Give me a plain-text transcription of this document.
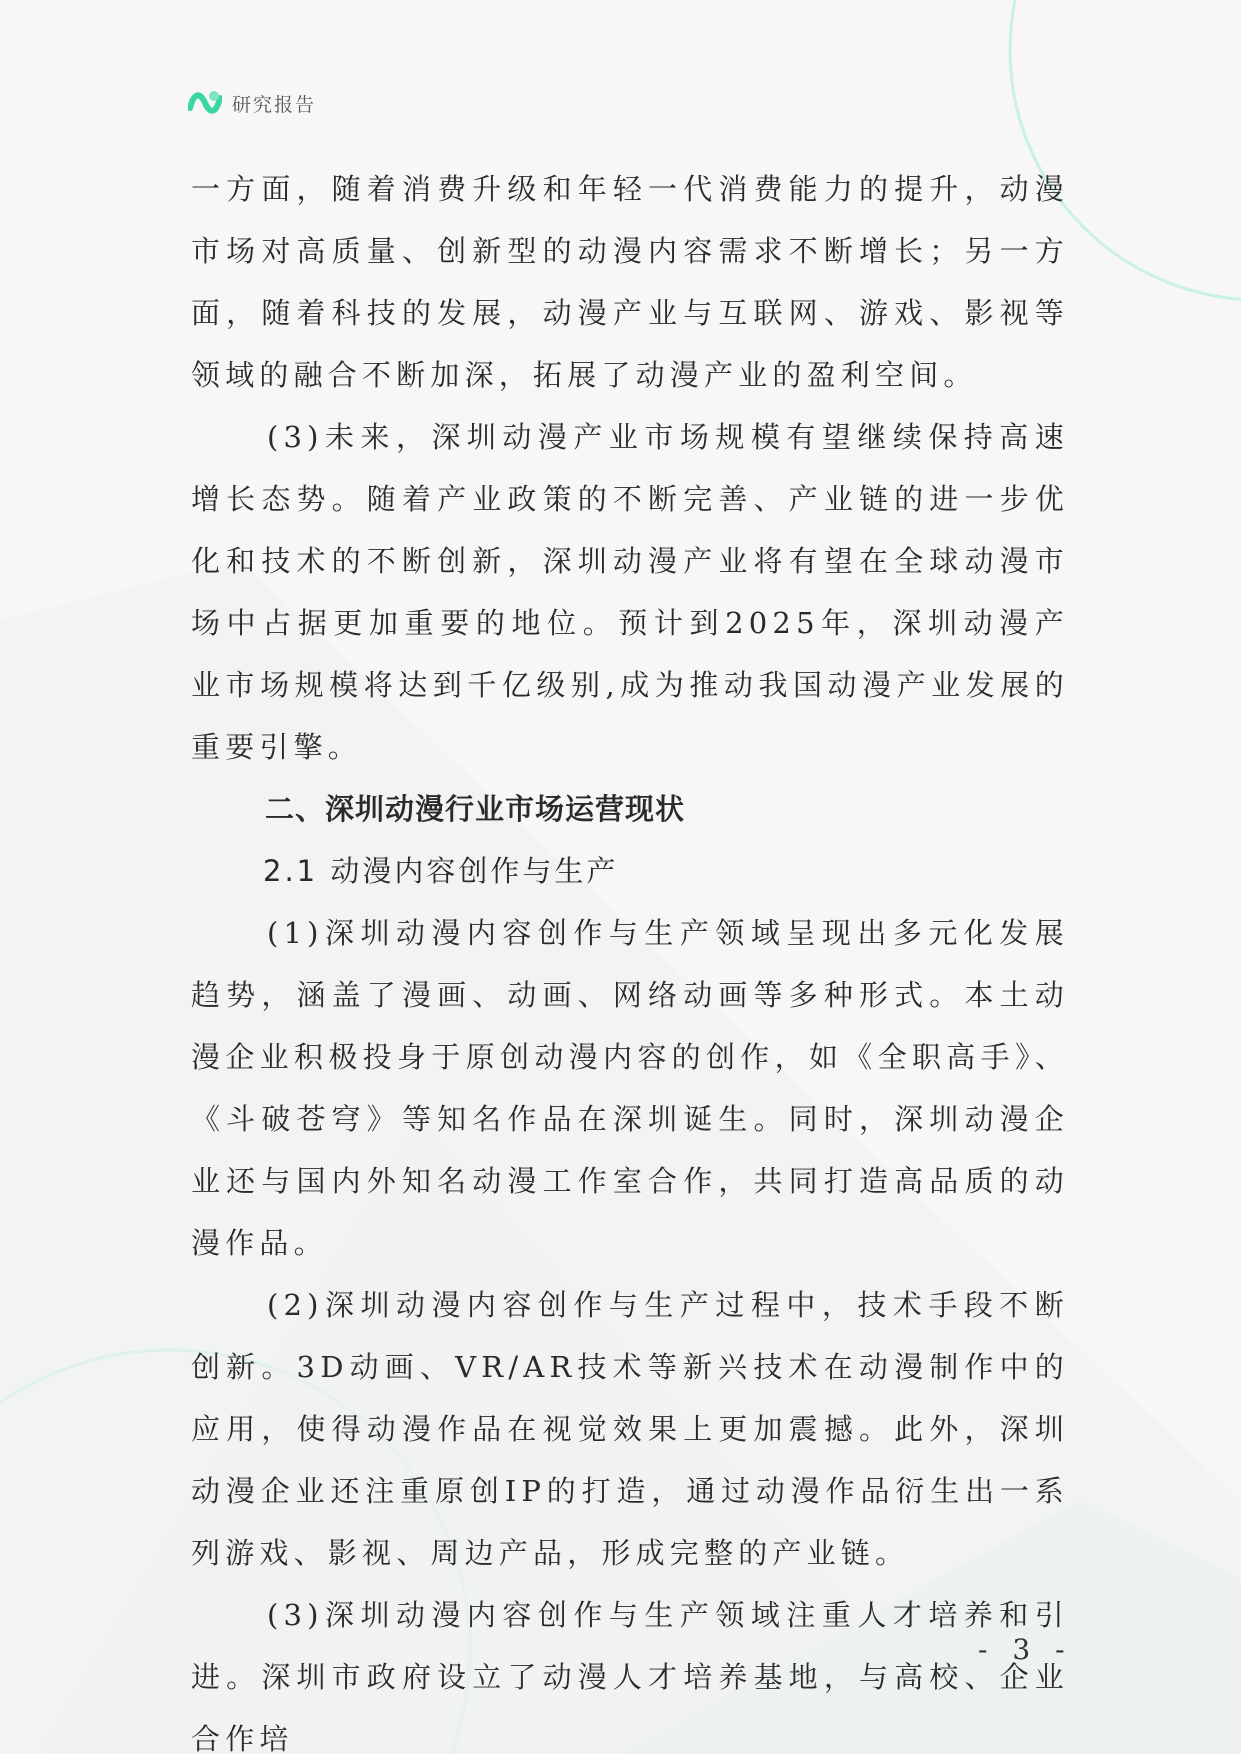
研究报告

一方面，随着消费升级和年轻一代消费能力的提升，动漫市场对高质量、创新型的动漫内容需求不断增长；另一方面，随着科技的发展，动漫产业与互联网、游戏、影视等领域的融合不断加深，拓展了动漫产业的盈利空间。

(3)未来，深圳动漫产业市场规模有望继续保持高速增长态势。随着产业政策的不断完善、产业链的进一步优化和技术的不断创新，深圳动漫产业将有望在全球动漫市场中占据更加重要的地位。预计到2025年，深圳动漫产业市场规模将达到千亿级别,成为推动我国动漫产业发展的重要引擎。

二、深圳动漫行业市场运营现状

2.1 动漫内容创作与生产

(1)深圳动漫内容创作与生产领域呈现出多元化发展趋势，涵盖了漫画、动画、网络动画等多种形式。本土动漫企业积极投身于原创动漫内容的创作，如《全职高手》、《斗破苍穹》等知名作品在深圳诞生。同时，深圳动漫企业还与国内外知名动漫工作室合作，共同打造高品质的动漫作品。

(2)深圳动漫内容创作与生产过程中，技术手段不断创新。3D动画、VR/AR技术等新兴技术在动漫制作中的应用，使得动漫作品在视觉效果上更加震撼。此外，深圳动漫企业还注重原创IP的打造，通过动漫作品衍生出一系列游戏、影视、周边产品，形成完整的产业链。

(3)深圳动漫内容创作与生产领域注重人才培养和引进。深圳市政府设立了动漫人才培养基地，与高校、企业合作培

- 3 -
